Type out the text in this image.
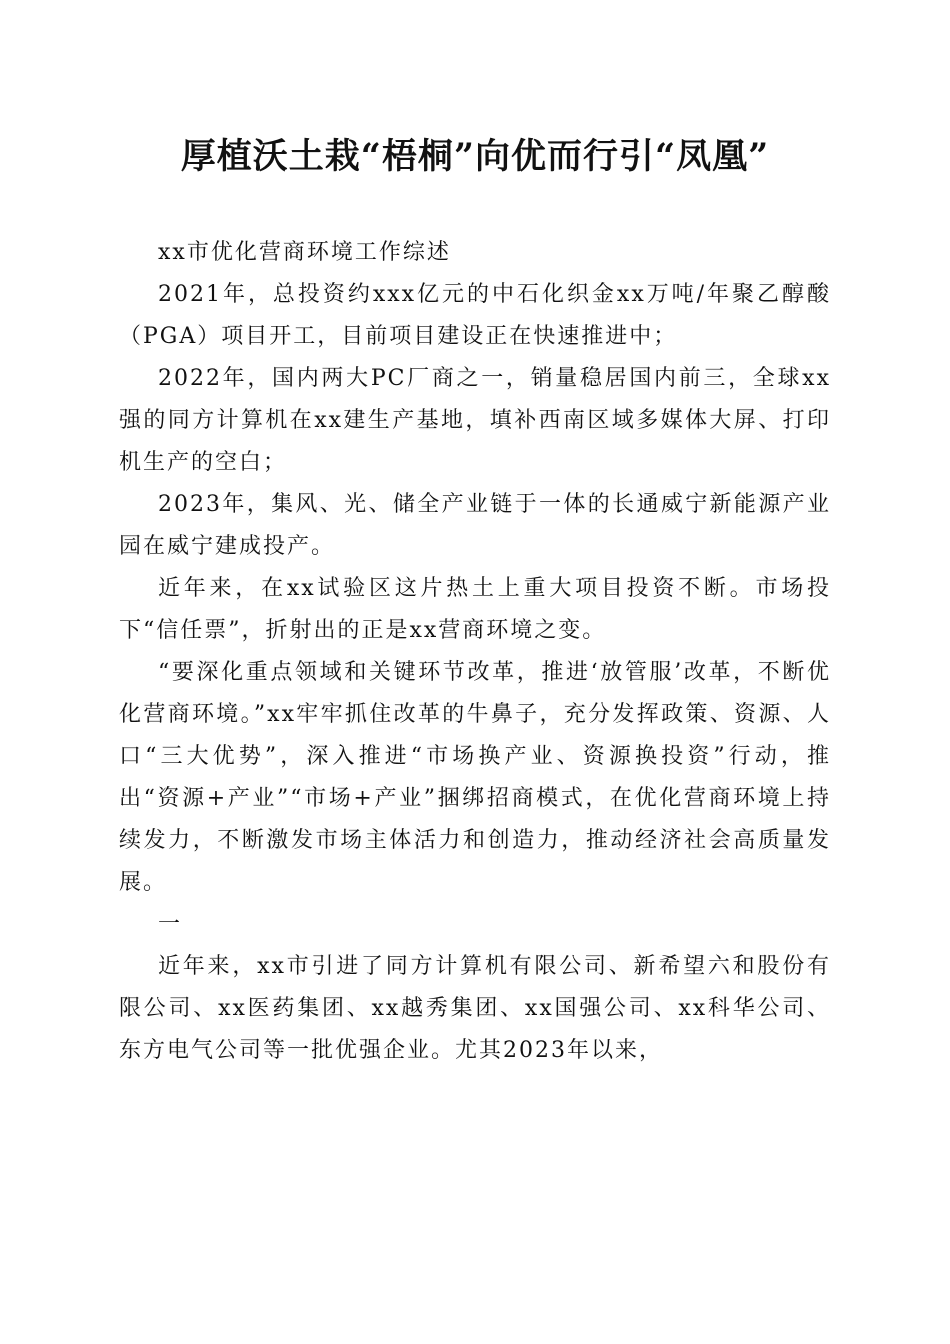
厚植沃土栽“梧桐”向优而行引“凤凰”

xx市优化营商环境工作综述

2021年，总投资约xxx亿元的中石化织金xx万吨/年聚乙醇酸（PGA）项目开工，目前项目建设正在快速推进中；

2022年，国内两大PC厂商之一，销量稳居国内前三，全球xx强的同方计算机在xx建生产基地，填补西南区域多媒体大屏、打印机生产的空白；

2023年，集风、光、储全产业链于一体的长通威宁新能源产业园在威宁建成投产。

近年来，在xx试验区这片热土上重大项目投资不断。市场投下“信任票”，折射出的正是xx营商环境之变。

“要深化重点领域和关键环节改革，推进‘放管服’改革，不断优化营商环境。”xx牢牢抓住改革的牛鼻子，充分发挥政策、资源、人口“三大优势”，深入推进“市场换产业、资源换投资”行动，推出“资源+产业”“市场+产业”捆绑招商模式，在优化营商环境上持续发力，不断激发市场主体活力和创造力，推动经济社会高质量发展。

一

近年来，xx市引进了同方计算机有限公司、新希望六和股份有限公司、xx医药集团、xx越秀集团、xx国强公司、xx科华公司、东方电气公司等一批优强企业。尤其2023年以来，
